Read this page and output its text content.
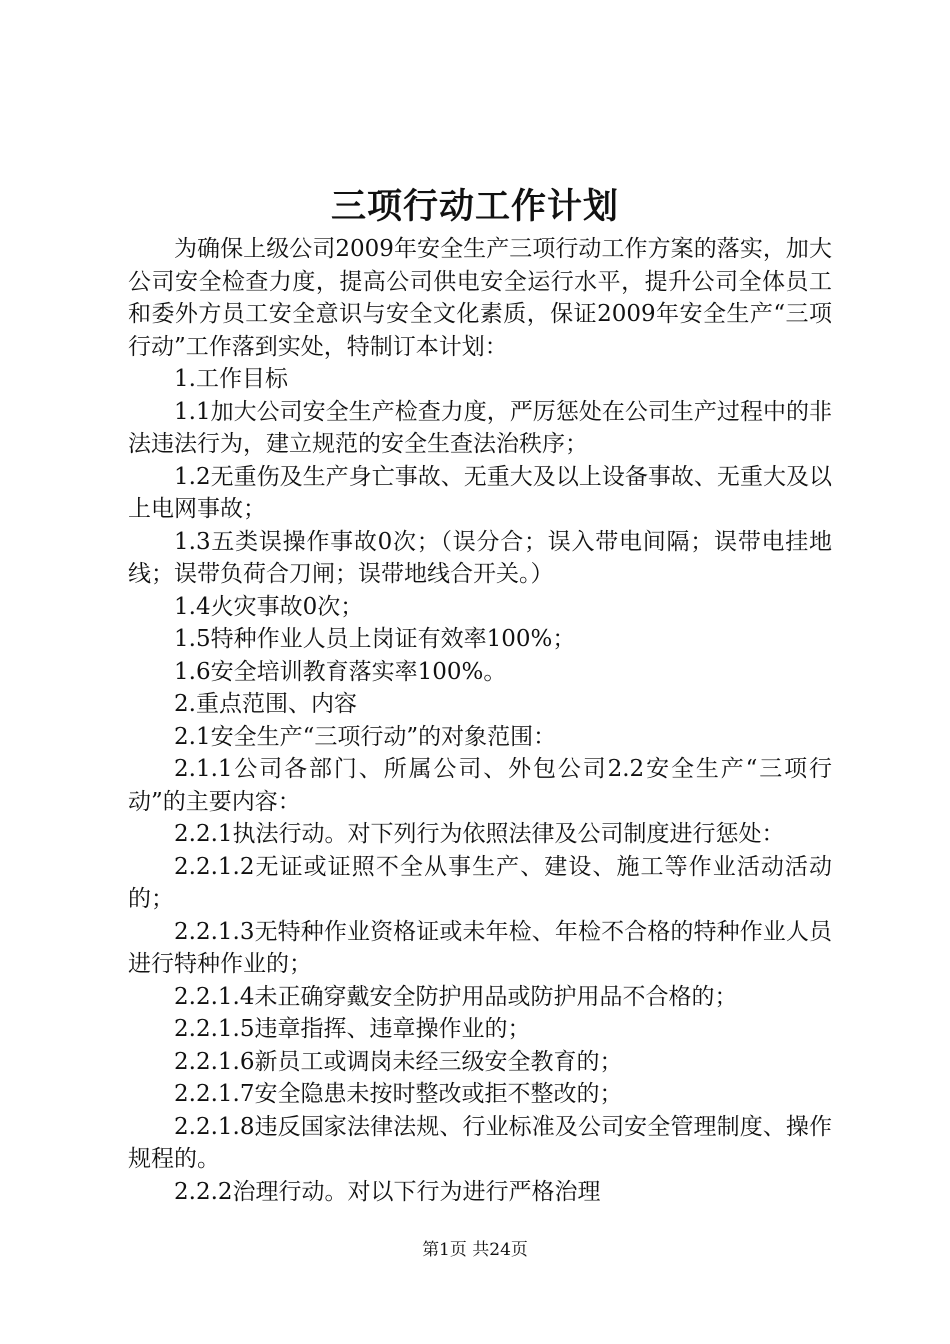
三项行动工作计划

为确保上级公司2009年安全生产三项行动工作方案的落实，加大公司安全检查力度，提高公司供电安全运行水平，提升公司全体员工和委外方员工安全意识与安全文化素质，保证2009年安全生产“三项行动”工作落到实处，特制订本计划：

1.工作目标

1.1加大公司安全生产检查力度，严厉惩处在公司生产过程中的非法违法行为，建立规范的安全生查法治秩序；

1.2无重伤及生产身亡事故、无重大及以上设备事故、无重大及以上电网事故；

1.3五类误操作事故0次；（误分合；误入带电间隔；误带电挂地线；误带负荷合刀闸；误带地线合开关。）

1.4火灾事故0次；

1.5特种作业人员上岗证有效率100%；

1.6安全培训教育落实率100%。

2.重点范围、内容

2.1安全生产“三项行动”的对象范围：

2.1.1公司各部门、所属公司、外包公司2.2安全生产“三项行动”的主要内容：

2.2.1执法行动。对下列行为依照法律及公司制度进行惩处：

2.2.1.2无证或证照不全从事生产、建设、施工等作业活动活动的；

2.2.1.3无特种作业资格证或未年检、年检不合格的特种作业人员进行特种作业的；

2.2.1.4未正确穿戴安全防护用品或防护用品不合格的；

2.2.1.5违章指挥、违章操作业的；

2.2.1.6新员工或调岗未经三级安全教育的；

2.2.1.7安全隐患未按时整改或拒不整改的；

2.2.1.8违反国家法律法规、行业标准及公司安全管理制度、操作规程的。

2.2.2治理行动。对以下行为进行严格治理

第1页 共24页
